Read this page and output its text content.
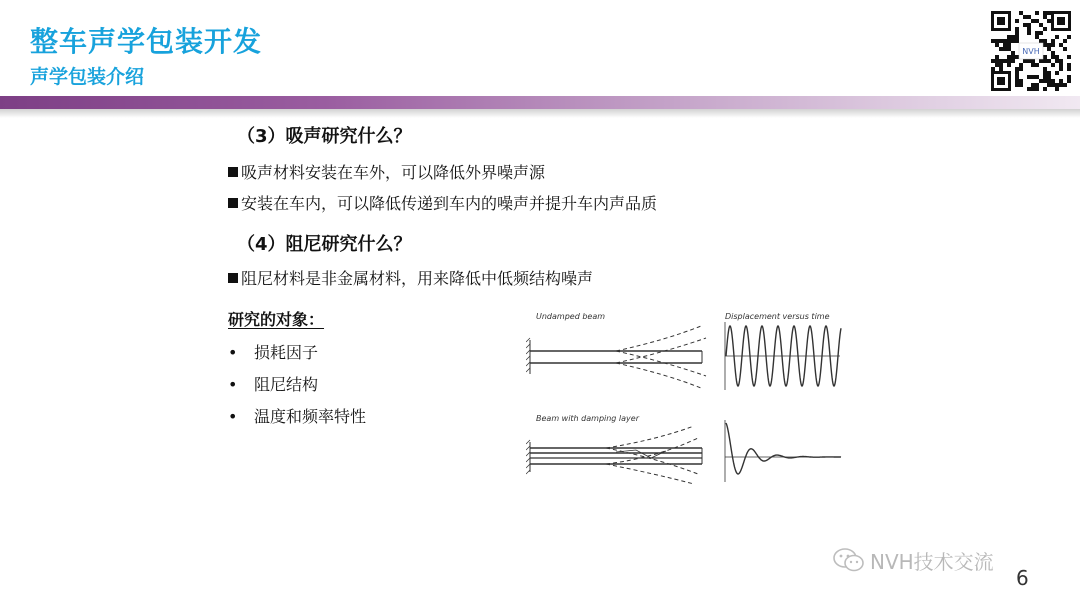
整车声学包装开发
声学包装介绍
NVH
（3）吸声研究什么？
吸声材料安装在车外，可以降低外界噪声源
安装在车内，可以降低传递到车内的噪声并提升车内声品质
（4）阻尼研究什么？
阻尼材料是非金属材料，用来降低中低频结构噪声
研究的对象：
• 损耗因子
• 阻尼结构
• 温度和频率特性
Undamped beam	Displacement versus time
Beam with damping layer
NVH技术交流
6
